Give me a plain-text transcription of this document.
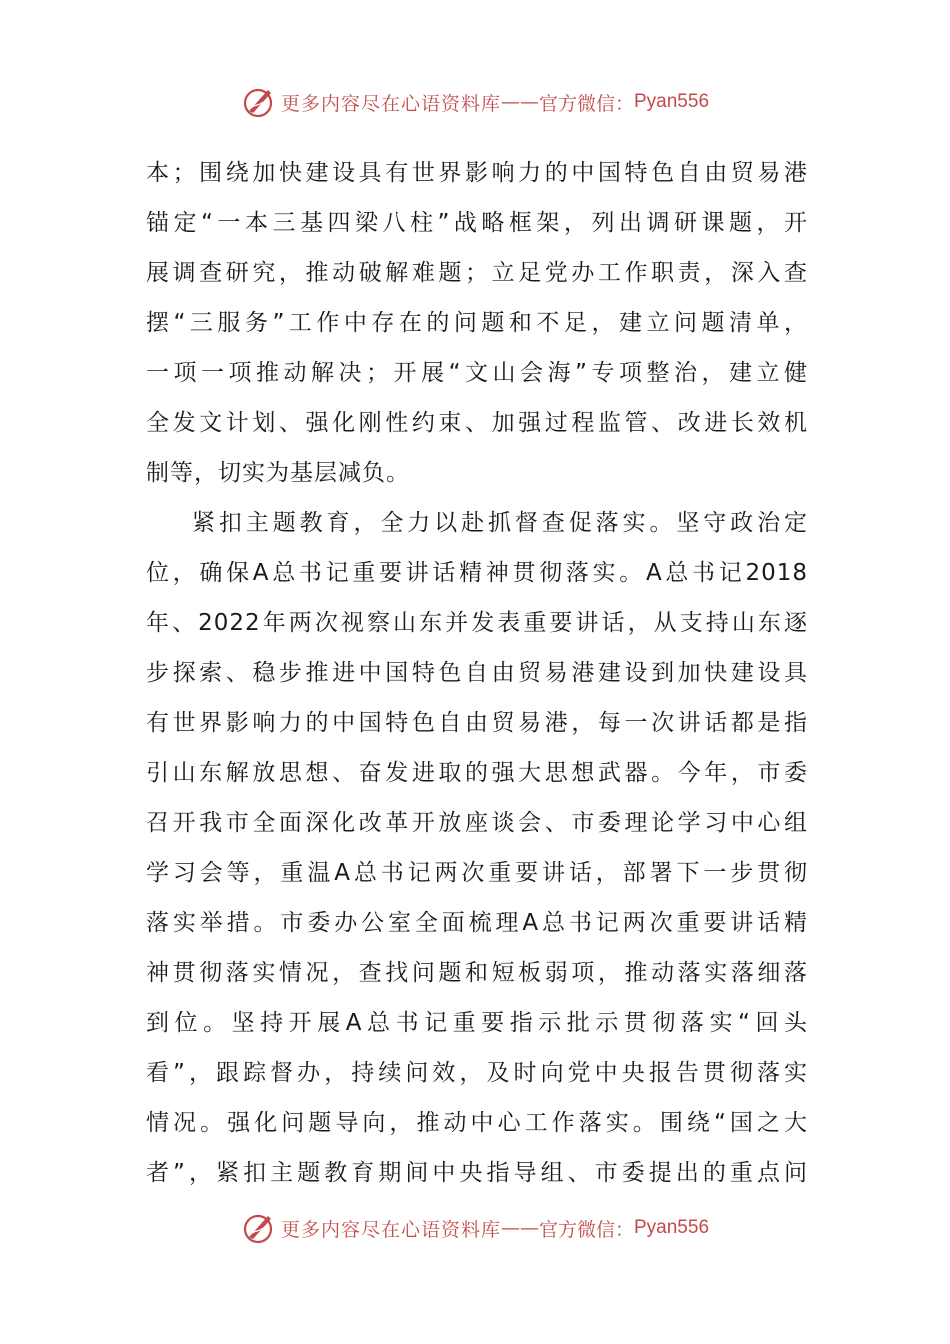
更多内容尽在心语资料库 —— 官方微信： Pyan556
本；围绕加快建设具有世界影响力的中国特色自由贸易港
锚定“一本三基四梁八柱”战略框架，列出调研课题，开
展调查研究，推动破解难题；立足党办工作职责，深入查
摆“三服务”工作中存在的问题和不足，建立问题清单，
一项一项推动解决；开展“文山会海”专项整治，建立健
全发文计划、强化刚性约束、加强过程监管、改进长效机
制等，切实为基层减负。
紧扣主题教育，全力以赴抓督查促落实。坚守政治定
位，确保A总书记重要讲话精神贯彻落实。A总书记2018
年、2022年两次视察山东并发表重要讲话，从支持山东逐
步探索、稳步推进中国特色自由贸易港建设到加快建设具
有世界影响力的中国特色自由贸易港，每一次讲话都是指
引山东解放思想、奋发进取的强大思想武器。今年，市委
召开我市全面深化改革开放座谈会、市委理论学习中心组
学习会等，重温A总书记两次重要讲话，部署下一步贯彻
落实举措。市委办公室全面梳理A总书记两次重要讲话精
神贯彻落实情况，查找问题和短板弱项，推动落实落细落
到位。坚持开展A总书记重要指示批示贯彻落实“回头
看”，跟踪督办，持续问效，及时向党中央报告贯彻落实
情况。强化问题导向，推动中心工作落实。围绕“国之大
者”，紧扣主题教育期间中央指导组、市委提出的重点问
更多内容尽在心语资料库 —— 官方微信： Pyan556
